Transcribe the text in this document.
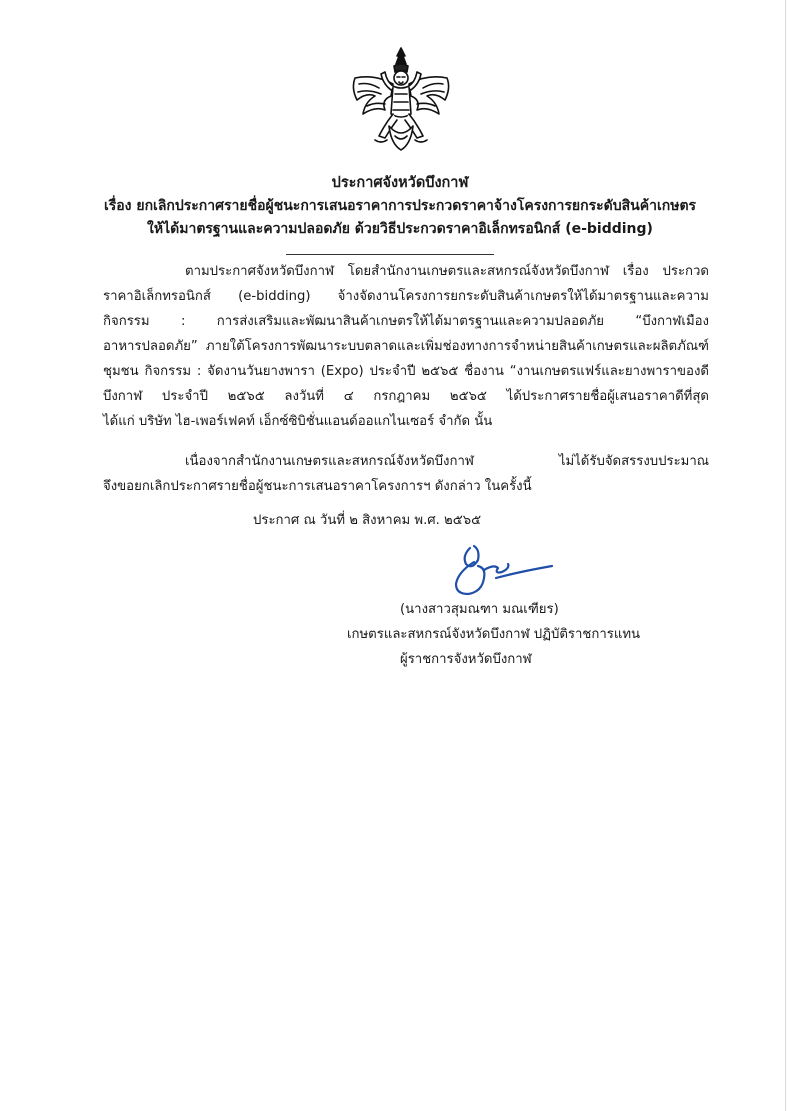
ประกาศจังหวัดบึงกาฬ
เรื่อง ยกเลิกประกาศรายชื่อผู้ชนะการเสนอราคาการประกวดราคาจ้างโครงการยกระดับสินค้าเกษตร
ให้ได้มาตรฐานและความปลอดภัย ด้วยวิธีประกวดราคาอิเล็กทรอนิกส์ (e-bidding)
ตามประกาศจังหวัดบึงกาฬ โดยสำนักงานเกษตรและสหกรณ์จังหวัดบึงกาฬ เรื่อง ประกวด
ราคาอิเล็กทรอนิกส์ (e-bidding) จ้างจัดงานโครงการยกระดับสินค้าเกษตรให้ได้มาตรฐานและความ
กิจกรรม : การส่งเสริมและพัฒนาสินค้าเกษตรให้ได้มาตรฐานและความปลอดภัย “บึงกาฬเมือง
อาหารปลอดภัย” ภายใต้โครงการพัฒนาระบบตลาดและเพิ่มช่องทางการจำหน่ายสินค้าเกษตรและผลิตภัณฑ์
ชุมชน กิจกรรม : จัดงานวันยางพารา (Expo) ประจำปี ๒๕๖๕ ชื่องาน “งานเกษตรแฟร์และยางพาราของดี
บึงกาฬ ประจำปี ๒๕๖๕ ลงวันที่ ๔ กรกฎาคม ๒๕๖๕ ได้ประกาศรายชื่อผู้เสนอราคาดีที่สุด
ได้แก่ บริษัท ไฮ-เพอร์เฟคท์ เอ็กซ์ซิบิชั่นแอนด์ออแกไนเซอร์ จำกัด นั้น
เนื่องจากสำนักงานเกษตรและสหกรณ์จังหวัดบึงกาฬ ไม่ได้รับจัดสรรงบประมาณ
จึงขอยกเลิกประกาศรายชื่อผู้ชนะการเสนอราคาโครงการฯ ดังกล่าว ในครั้งนี้
ประกาศ ณ วันที่ ๒ สิงหาคม พ.ศ. ๒๕๖๕
(นางสาวสุมณฑา มณเฑียร)
เกษตรและสหกรณ์จังหวัดบึงกาฬ ปฏิบัติราชการแทน
ผู้ราชการจังหวัดบึงกาฬ
